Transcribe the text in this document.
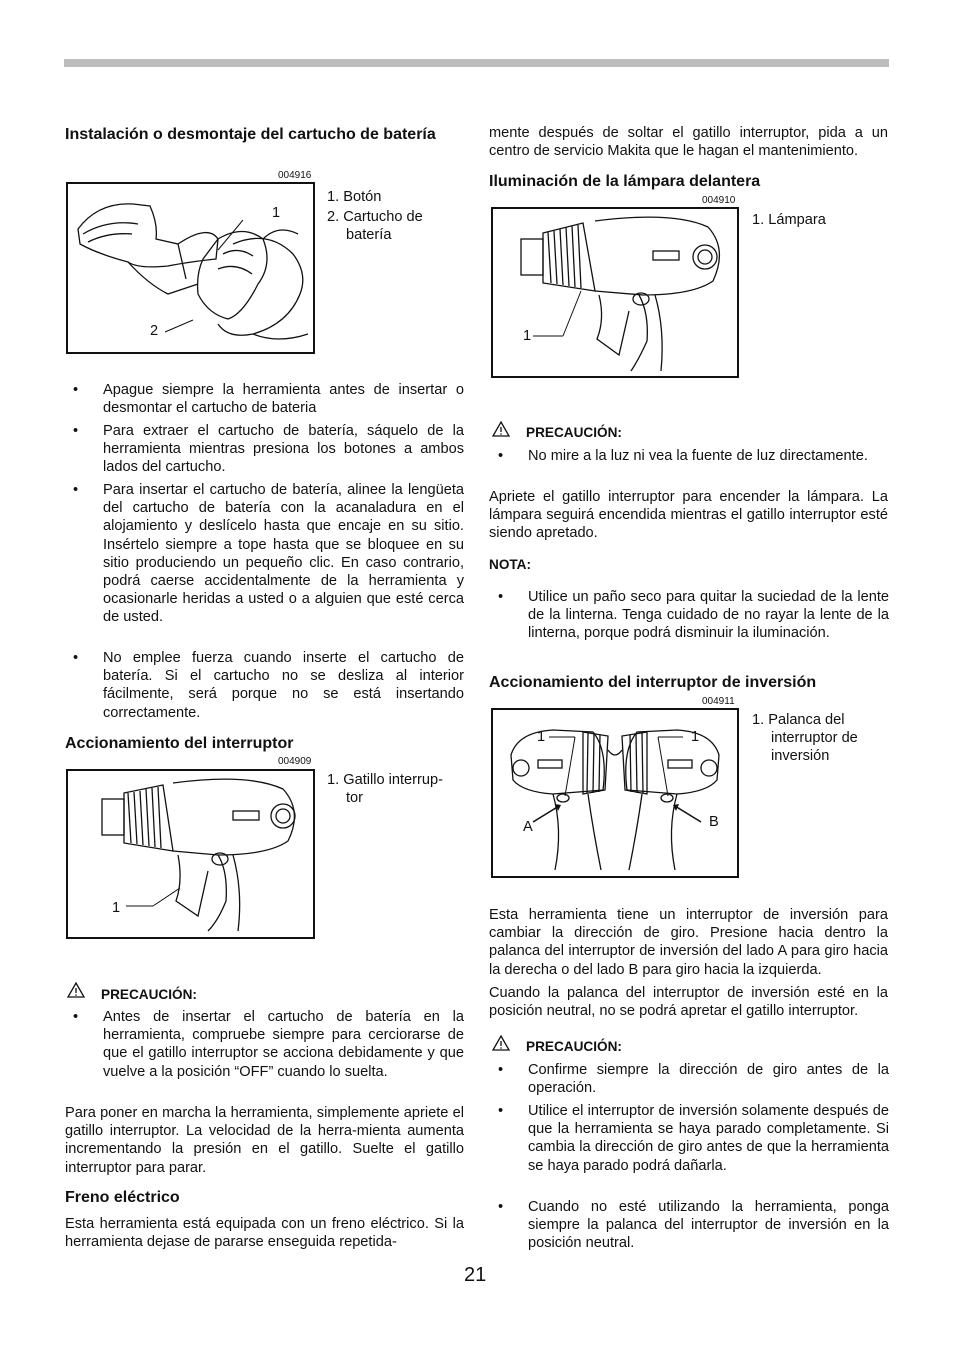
Instalación o desmontaje del cartucho de batería
004916
1
2
1. Botón
2. Cartucho de
batería
• Apague siempre la herramienta antes de insertar o desmontar el cartucho de bateria
• Para extraer el cartucho de batería, sáquelo de la herramienta mientras presiona los botones a ambos lados del cartucho.
• Para insertar el cartucho de batería, alinee la lengüeta del cartucho de batería con la acanaladura en el alojamiento y deslícelo hasta que encaje en su sitio. Insértelo siempre a tope hasta que se bloquee en su sitio produciendo un pequeño clic. En caso contrario, podrá caerse accidentalmente de la herramienta y ocasionarle heridas a usted o a alguien que esté cerca de usted.
• No emplee fuerza cuando inserte el cartucho de batería. Si el cartucho no se desliza al interior fácilmente, será porque no se está insertando correctamente.
Accionamiento del interruptor
004909
1
1. Gatillo interrup-
tor
PRECAUCIÓN:
• Antes de insertar el cartucho de batería en la herramienta, compruebe siempre para cerciorarse de que el gatillo interruptor se acciona debidamente y que vuelve a la posición “OFF” cuando lo suelta.
Para poner en marcha la herramienta, simplemente apriete el gatillo interruptor. La velocidad de la herra-mienta aumenta incrementando la presión en el gatillo. Suelte el gatillo interruptor para parar.
Freno eléctrico
Esta herramienta está equipada con un freno eléctrico. Si la herramienta dejase de pararse enseguida repetida-
mente después de soltar el gatillo interruptor, pida a un centro de servicio Makita que le hagan el mantenimiento.
Iluminación de la lámpara delantera
004910
1
1. Lámpara
PRECAUCIÓN:
• No mire a la luz ni vea la fuente de luz directamente.
Apriete el gatillo interruptor para encender la lámpara. La lámpara seguirá encendida mientras el gatillo interruptor esté siendo apretado.
NOTA:
• Utilice un paño seco para quitar la suciedad de la lente de la linterna. Tenga cuidado de no rayar la lente de la linterna, porque podrá disminuir la iluminación.
Accionamiento del interruptor de inversión
004911
1	1
A	B
1. Palanca del
interruptor de
inversión
Esta herramienta tiene un interruptor de inversión para cambiar la dirección de giro. Presione hacia dentro la palanca del interruptor de inversión del lado A para giro hacia la derecha o del lado B para giro hacia la izquierda.
Cuando la palanca del interruptor de inversión esté en la posición neutral, no se podrá apretar el gatillo interruptor.
PRECAUCIÓN:
• Confirme siempre la dirección de giro antes de la operación.
• Utilice el interruptor de inversión solamente después de que la herramienta se haya parado completamente. Si cambia la dirección de giro antes de que la herramienta se haya parado podrá dañarla.
• Cuando no esté utilizando la herramienta, ponga siempre la palanca del interruptor de inversión en la posición neutral.
21
